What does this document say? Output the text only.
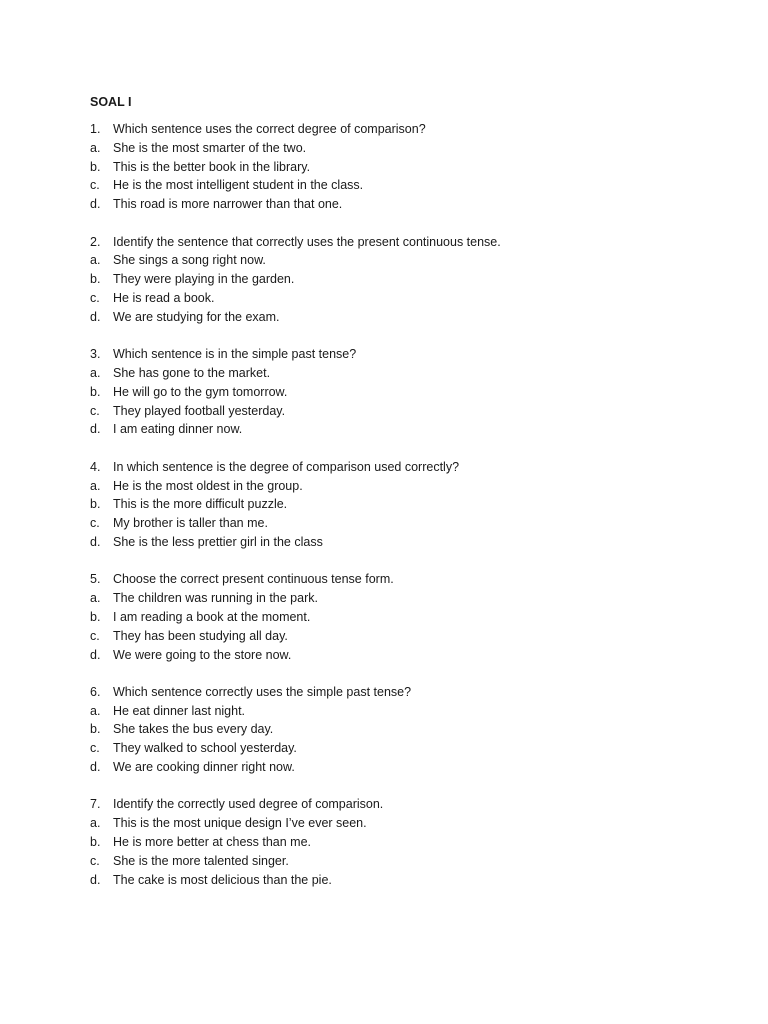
SOAL I
1.	Which sentence uses the correct degree of comparison?
a.	She is the most smarter of the two.
b.	This is the better book in the library.
c.	He is the most intelligent student in the class.
d.	This road is more narrower than that one.
2.	Identify the sentence that correctly uses the present continuous tense.
a.	She sings a song right now.
b.	They were playing in the garden.
c.	He is read a book.
d.	We are studying for the exam.
3.	Which sentence is in the simple past tense?
a.	She has gone to the market.
b.	He will go to the gym tomorrow.
c.	They played football yesterday.
d.	I am eating dinner now.
4.	In which sentence is the degree of comparison used correctly?
a.	He is the most oldest in the group.
b.	This is the more difficult puzzle.
c.	My brother is taller than me.
d.	She is the less prettier girl in the class
5.	Choose the correct present continuous tense form.
a.	The children was running in the park.
b.	I am reading a book at the moment.
c.	They has been studying all day.
d.	We were going to the store now.
6.	Which sentence correctly uses the simple past tense?
a.	He eat dinner last night.
b.	She takes the bus every day.
c.	They walked to school yesterday.
d.	We are cooking dinner right now.
7.	Identify the correctly used degree of comparison.
a.	This is the most unique design I’ve ever seen.
b.	He is more better at chess than me.
c.	She is the more talented singer.
d.	The cake is most delicious than the pie.
